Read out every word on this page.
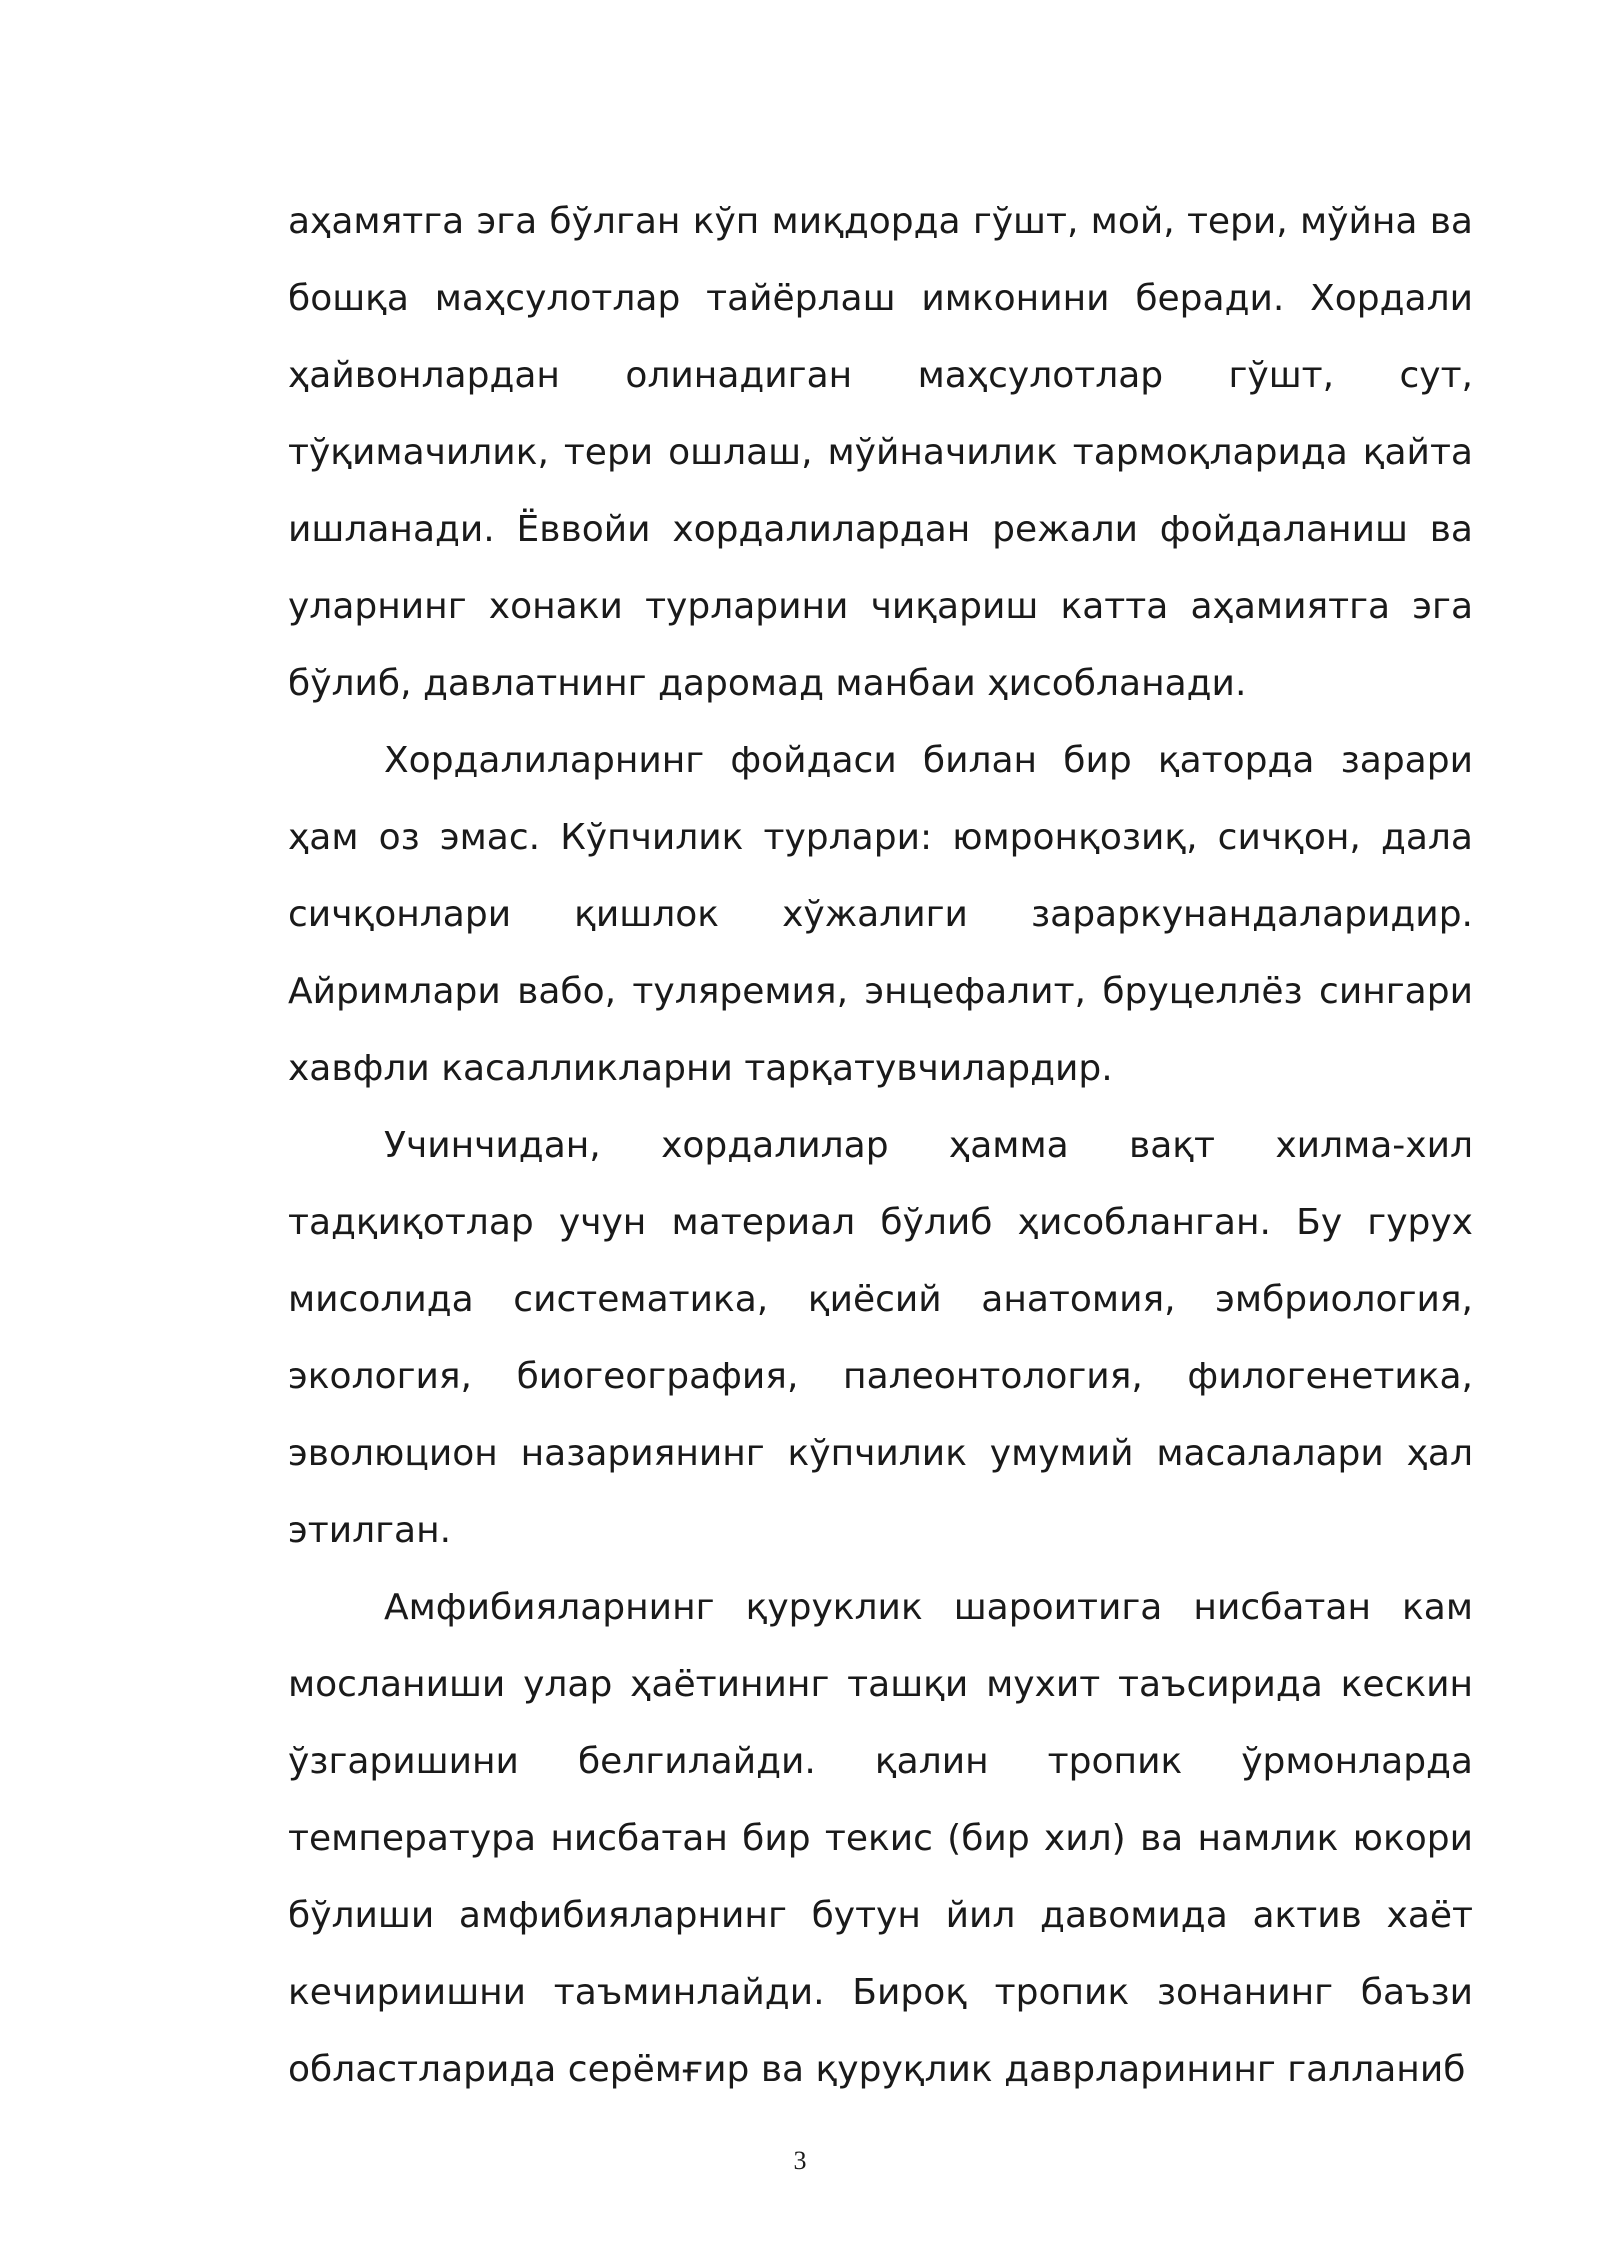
аҳамятга эга бўлган кўп миқдорда гўшт, мой, тери, мўйна ва бошқа маҳсулотлар тайёрлаш имконини беради. Хордали ҳайвонлардан олинадиган маҳсулотлар гўшт, сут, тўқимачилик, тери ошлаш, мўйначилик тармоқларида қайта ишланади. Ёввойи хордалилардан режали фойдаланиш ва уларнинг хонаки турларини чиқариш катта аҳамиятга эга бўлиб, давлатнинг даромад манбаи ҳисобланади.

Хордалиларнинг фойдаси билан бир қаторда зарари ҳам оз эмас. Кўпчилик турлари: юмронқозиқ, сичқон, дала сичқонлари қишлок хўжалиги зараркунандаларидир. Айримлари вабо, туляремия, энцефалит, бруцеллёз сингари хавфли касалликларни тарқатувчилардир.

Учинчидан, хордалилар ҳамма вақт хилма-хил тадқиқотлар учун материал бўлиб ҳисобланган. Бу гурух мисолида систематика, қиёсий анатомия, эмбриология, экология, биогеография, палеонтология, филогенетика, эволюцион назариянинг кўпчилик умумий масалалари ҳал этилган.

Амфибияларнинг қуруклик шароитига нисбатан кам мосланиши улар ҳаётининг ташқи мухит таъсирида кескин ўзгаришини белгилайди. қалин тропик ўрмонларда температура нисбатан бир текис (бир хил) ва намлик юкори бўлиши амфибияларнинг бутун йил давомида актив хаёт кечириишни таъминлайди. Бироқ тропик зонанинг баъзи областларида серёмғир ва қуруқлик даврларининг галланиб

3
